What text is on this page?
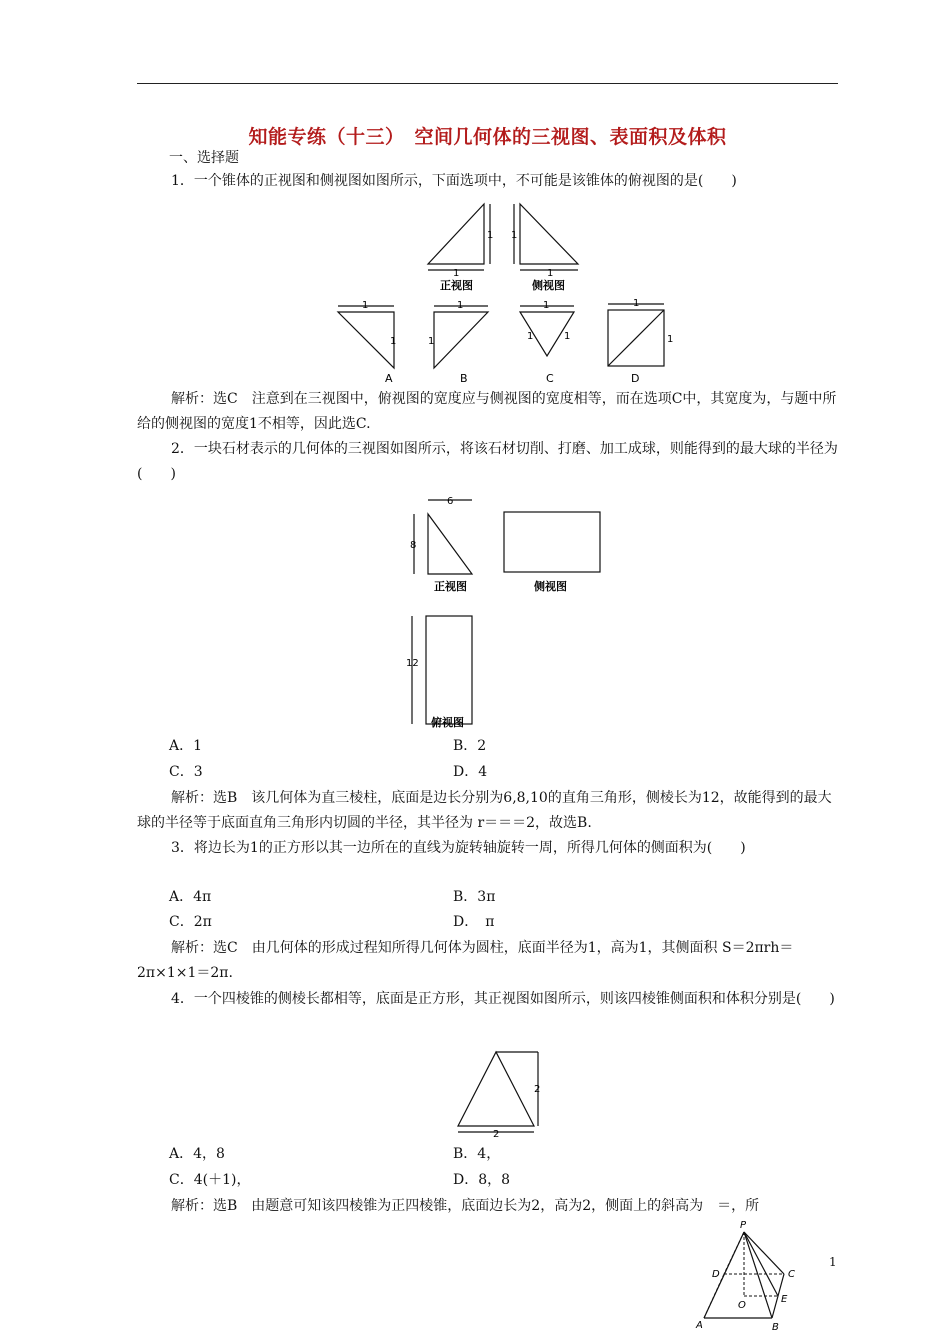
知能专练（十三）　空间几何体的三视图、表面积及体积
一、选择题
1．一个锥体的正视图和侧视图如图所示，下面选项中，不可能是该锥体的俯视图的是(　　)
1
1
1
1
正视图	侧视图
1
1
1
1
1
1	1
1
1
A	B	C	D
解析：选C　注意到在三视图中，俯视图的宽度应与侧视图的宽度相等，而在选项C中，其宽度为，与题中所给的侧视图的宽度1不相等，因此选C.
2．一块石材表示的几何体的三视图如图所示，将该石材切削、打磨、加工成球，则能得到的最大球的半径为(　　)
6
8
12
正视图	侧视图
俯视图
A．1	B．2
C．3	D．4
解析：选B　该几何体为直三棱柱，底面是边长分别为6,8,10的直角三角形，侧棱长为12，故能得到的最大球的半径等于底面直角三角形内切圆的半径，其半径为 r＝＝＝2，故选B.
3．将边长为1的正方形以其一边所在的直线为旋转轴旋转一周，所得几何体的侧面积为(　　)
A．4π	B．3π
C．2π	D．　π
解析：选C　由几何体的形成过程知所得几何体为圆柱，底面半径为1，高为1，其侧面积 S＝2πrh＝2π×1×1＝2π.
4．一个四棱锥的侧棱长都相等，底面是正方形，其正视图如图所示，则该四棱锥侧面积和体积分别是(　　)
2
2
A．4，8	B．4，
C．4(＋1)，	D．8，8
解析：选B　由题意可知该四棱锥为正四棱锥，底面边长为2，高为2，侧面上的斜高为　＝，所
P
D	C
O
E
A	B
1
